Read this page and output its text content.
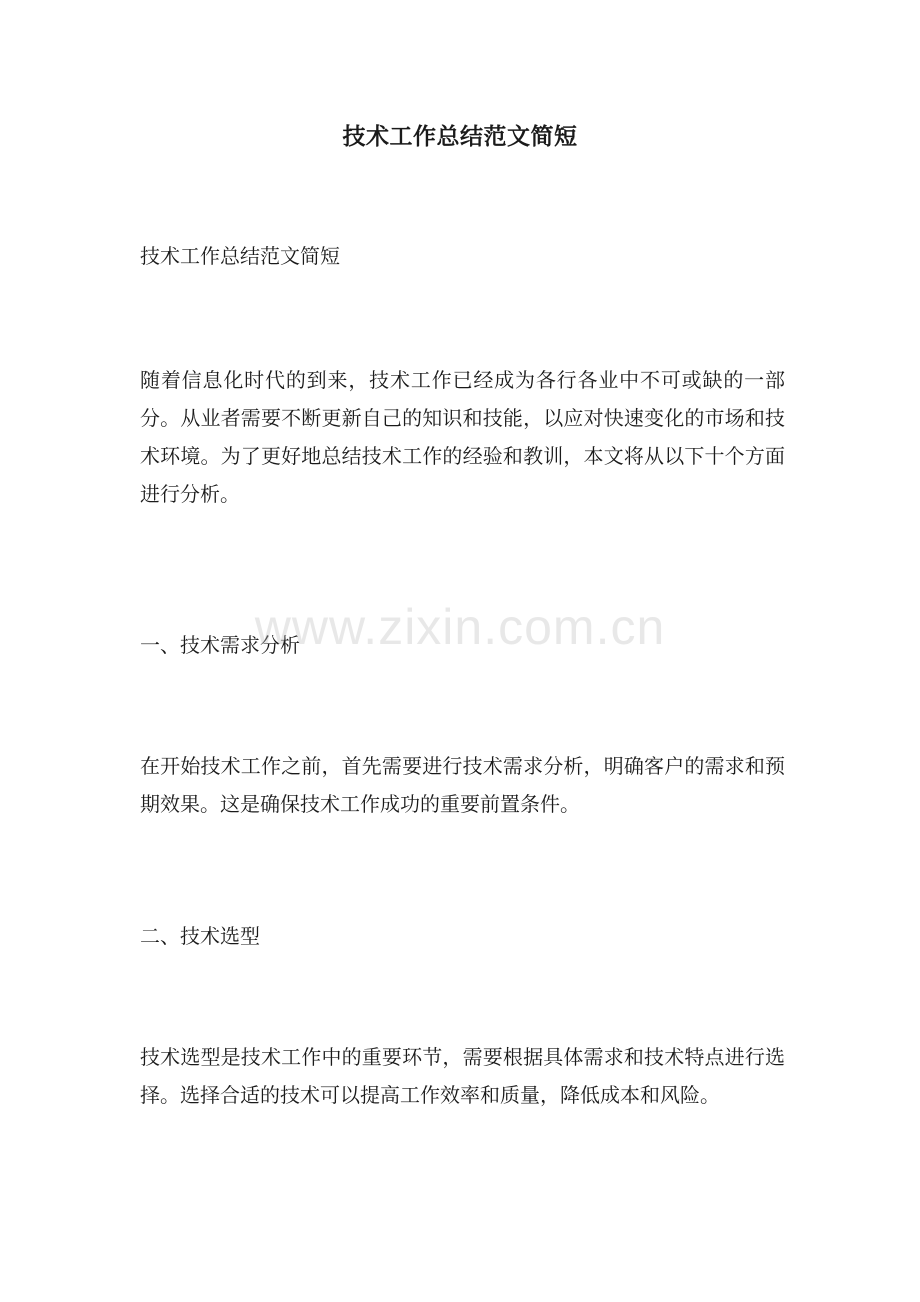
技术工作总结范文简短
技术工作总结范文简短
随着信息化时代的到来，技术工作已经成为各行各业中不可或缺的一部分。从业者需要不断更新自己的知识和技能，以应对快速变化的市场和技术环境。为了更好地总结技术工作的经验和教训，本文将从以下十个方面进行分析。
一、技术需求分析
在开始技术工作之前，首先需要进行技术需求分析，明确客户的需求和预期效果。这是确保技术工作成功的重要前置条件。
二、技术选型
技术选型是技术工作中的重要环节，需要根据具体需求和技术特点进行选择。选择合适的技术可以提高工作效率和质量，降低成本和风险。
www.zixin.com.cn
